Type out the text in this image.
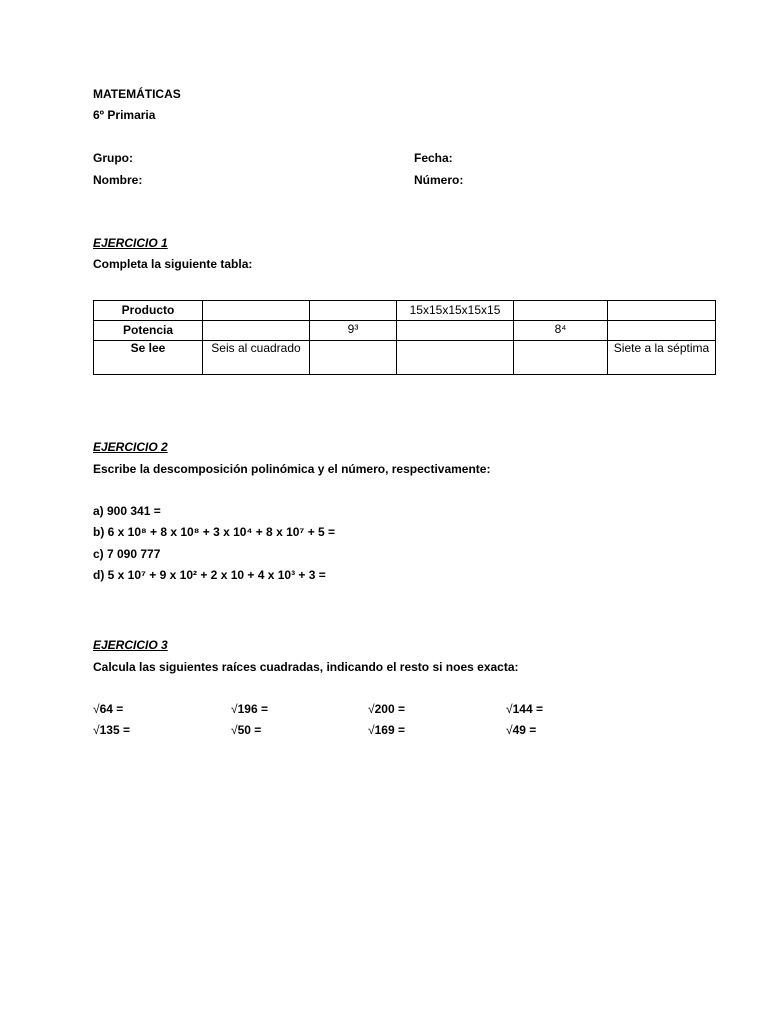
MATEMÁTICAS
6º Primaria
Grupo:	Fecha:
Nombre:	Número:
EJERCICIO 1
Completa la siguiente tabla:
Producto			15x15x15x15x15		
Potencia		9³		8⁴	
Se lee	Seis al cuadrado				Siete a la séptima
EJERCICIO 2
Escribe la descomposición polinómica y el número, respectivamente:
a) 900 341 =
b) 6 x 10⁸ + 8 x 10⁸ + 3 x 10⁴ + 8 x 10⁷ + 5 =
c) 7 090 777
d) 5 x 10⁷ + 9 x 10² + 2 x 10 + 4 x 10³ + 3 =
EJERCICIO 3
Calcula las siguientes raíces cuadradas, indicando el resto si noes exacta:
√64 =	√196 =	√200 =	√144 =
√135 =	√50 =	√169 =	√49 =
